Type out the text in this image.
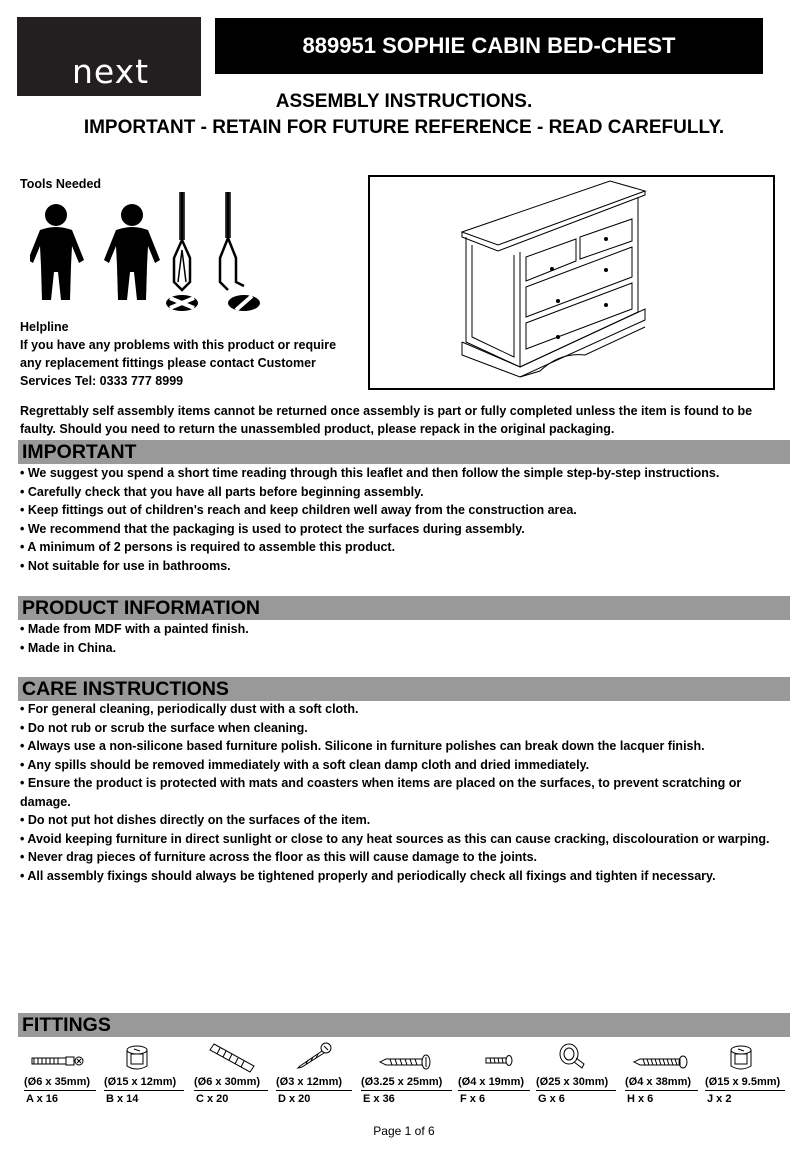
next
889951 SOPHIE CABIN BED-CHEST
ASSEMBLY INSTRUCTIONS.
IMPORTANT - RETAIN FOR FUTURE REFERENCE - READ CAREFULLY.
Tools Needed
Helpline
If you have any problems with this product or require
any replacement fittings please contact Customer
Services Tel: 0333 777 8999
Regrettably self assembly items cannot be returned once assembly is part or fully completed unless the item is found to be faulty. Should you need to return the unassembled product, please repack in the original packaging.
IMPORTANT
• We suggest you spend a short time reading through this leaflet and then follow the simple step-by-step instructions.
• Carefully check that you have all parts before beginning assembly.
• Keep fittings out of children's reach and keep children well away from the construction area.
• We recommend that the packaging is used to protect the surfaces during assembly.
• A minimum of 2 persons is required to assemble this product.
• Not suitable for use in bathrooms.
PRODUCT INFORMATION
• Made from MDF with a painted finish.
• Made in China.
CARE INSTRUCTIONS
• For general cleaning, periodically dust with a soft cloth.
• Do not rub or scrub the surface when cleaning.
• Always use a non-silicone based furniture polish. Silicone in furniture polishes can break down the lacquer finish.
• Any spills should be removed immediately with a soft clean damp cloth and dried immediately.
• Ensure the product is protected with mats and coasters when items are placed on the surfaces, to prevent scratching or damage.
• Do not put hot dishes directly on the surfaces of the item.
• Avoid keeping furniture in direct sunlight or close to any heat sources as this can cause cracking, discolouration or warping.
• Never drag pieces of furniture across the floor as this will cause damage to the joints.
• All assembly fixings should always be tightened properly and periodically check all fixings and tighten if necessary.
FITTINGS
(Ø6 x 35mm) (Ø15 x 12mm) (Ø6 x 30mm) (Ø3 x 12mm) (Ø3.25 x 25mm) (Ø4 x 19mm) (Ø25 x 30mm) (Ø4 x 38mm) (Ø15 x 9.5mm)
A x 16	B x 14	C x 20	D x 20	E x 36	F x 6	G x 6	H x 6	J x 2
Page 1 of 6
